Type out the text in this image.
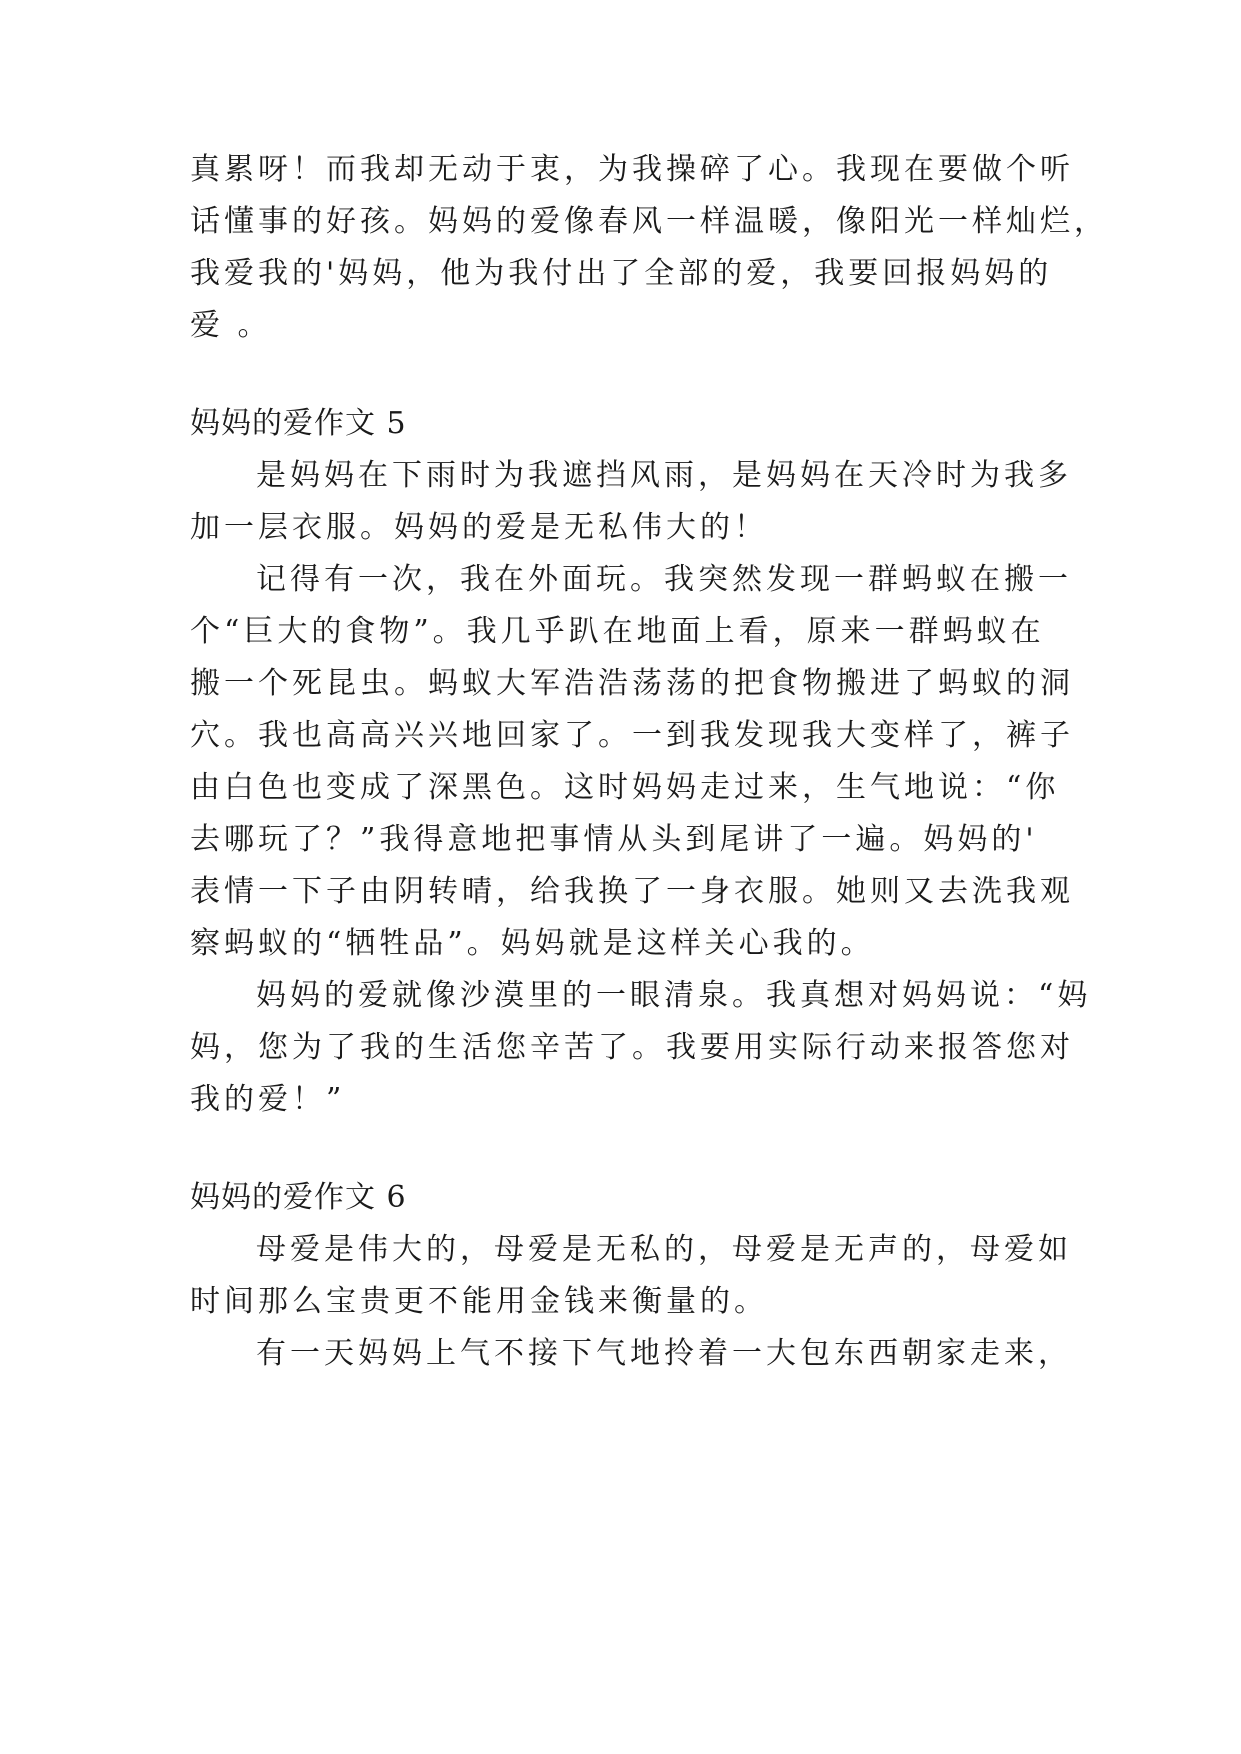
真累呀！而我却无动于衷，为我操碎了心。我现在要做个听
话懂事的好孩。妈妈的爱像春风一样温暖，像阳光一样灿烂，
我爱我的'妈妈，他为我付出了全部的爱，我要回报妈妈的
爱 。
妈妈的爱作文 5
是妈妈在下雨时为我遮挡风雨，是妈妈在天冷时为我多
加一层衣服。妈妈的爱是无私伟大的！
记得有一次，我在外面玩。我突然发现一群蚂蚁在搬一
个“巨大的食物”。我几乎趴在地面上看，原来一群蚂蚁在
搬一个死昆虫。蚂蚁大军浩浩荡荡的把食物搬进了蚂蚁的洞
穴。我也高高兴兴地回家了。一到我发现我大变样了，裤子
由白色也变成了深黑色。这时妈妈走过来，生气地说：“你
去哪玩了？”我得意地把事情从头到尾讲了一遍。妈妈的'
表情一下子由阴转晴，给我换了一身衣服。她则又去洗我观
察蚂蚁的“牺牲品”。妈妈就是这样关心我的。
妈妈的爱就像沙漠里的一眼清泉。我真想对妈妈说：“妈
妈，您为了我的生活您辛苦了。我要用实际行动来报答您对
我的爱！”
妈妈的爱作文 6
母爱是伟大的，母爱是无私的，母爱是无声的，母爱如
时间那么宝贵更不能用金钱来衡量的。
有一天妈妈上气不接下气地拎着一大包东西朝家走来，
